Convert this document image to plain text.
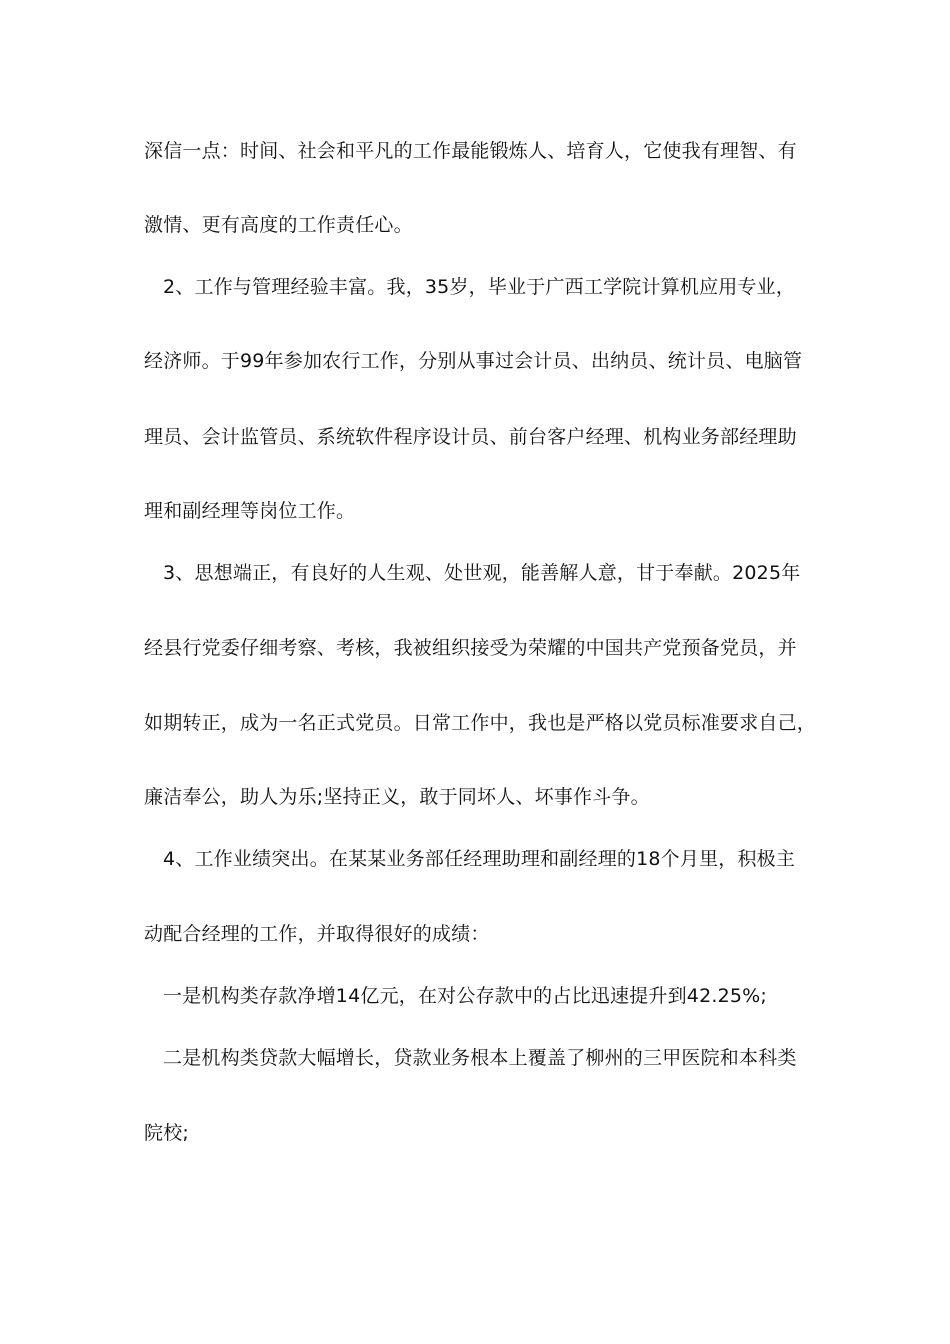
深信一点：时间、社会和平凡的工作最能锻炼人、培育人，它使我有理智、有
激情、更有高度的工作责任心。
2、工作与管理经验丰富。我，35岁，毕业于广西工学院计算机应用专业，
经济师。于99年参加农行工作，分别从事过会计员、出纳员、统计员、电脑管
理员、会计监管员、系统软件程序设计员、前台客户经理、机构业务部经理助
理和副经理等岗位工作。
3、思想端正，有良好的人生观、处世观，能善解人意，甘于奉献。2025年
经县行党委仔细考察、考核，我被组织接受为荣耀的中国共产党预备党员，并
如期转正，成为一名正式党员。日常工作中，我也是严格以党员标准要求自己，
廉洁奉公，助人为乐;坚持正义，敢于同坏人、坏事作斗争。
4、工作业绩突出。在某某业务部任经理助理和副经理的18个月里，积极主
动配合经理的工作，并取得很好的成绩：
一是机构类存款净增14亿元，在对公存款中的占比迅速提升到42.25%;
二是机构类贷款大幅增长，贷款业务根本上覆盖了柳州的三甲医院和本科类
院校;
